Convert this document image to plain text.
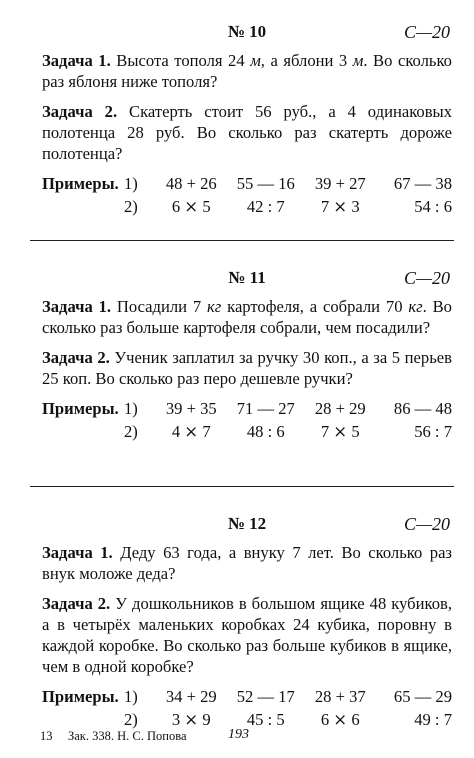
№ 10	С—20

Задача 1. Высота тополя 24 м, а яблони 3 м. Во сколько раз яблоня ниже тополя?

Задача 2. Скатерть стоит 56 руб., а 4 одинаковых полотенца 28 руб. Во сколько раз скатерть дороже полотенца?

Примеры. 1)	48 + 26	55 — 16	39 + 27	67 — 38
2)	6 ⨯ 5	42 : 7	7 ⨯ 3	54 : 6
№ 11	С—20

Задача 1. Посадили 7 кг картофеля, а собрали 70 кг. Во сколько раз больше картофеля собрали, чем посадили?

Задача 2. Ученик заплатил за ручку 30 коп., а за 5 перьев 25 коп. Во сколько раз перо дешевле ручки?

Примеры. 1)	39 + 35	71 — 27	28 + 29	86 — 48
2)	4 ⨯ 7	48 : 6	7 ⨯ 5	56 : 7
№ 12	С—20

Задача 1. Деду 63 года, а внуку 7 лет. Во сколько раз внук моложе деда?

Задача 2. У дошкольников в большом ящике 48 кубиков, а в четырёх маленьких коробках 24 кубика, поровну в каждой коробке. Во сколько раз больше кубиков в ящике, чем в одной коробке?

Примеры. 1)	34 + 29	52 — 17	28 + 37	65 — 29
2)	3 ⨯ 9	45 : 5	6 ⨯ 6	49 : 7
13 Зак. 338. Н. С. Попова	193
